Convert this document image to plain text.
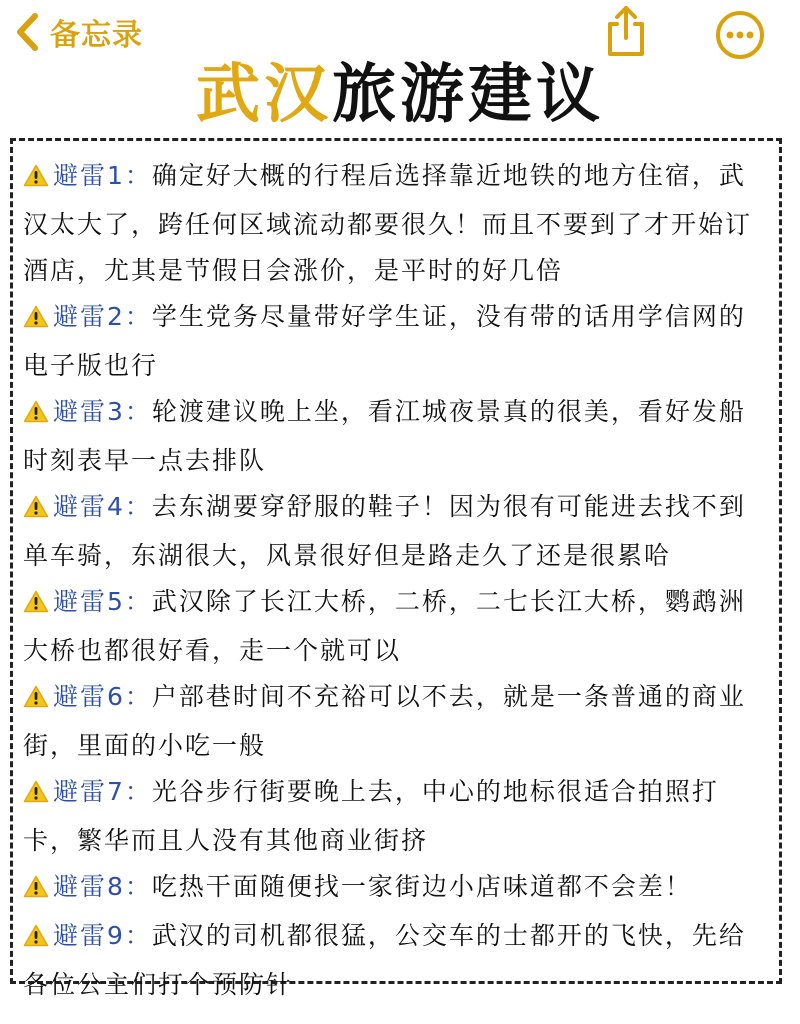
备忘录
武汉旅游建议
避雷1：确定好大概的行程后选择靠近地铁的地方住宿，武汉太大了，跨任何区域流动都要很久！而且不要到了才开始订酒店，尤其是节假日会涨价，是平时的好几倍
避雷2：学生党务尽量带好学生证，没有带的话用学信网的电子版也行
避雷3：轮渡建议晚上坐，看江城夜景真的很美，看好发船时刻表早一点去排队
避雷4：去东湖要穿舒服的鞋子！因为很有可能进去找不到单车骑，东湖很大，风景很好但是路走久了还是很累哈
避雷5：武汉除了长江大桥，二桥，二七长江大桥，鹦鹉洲大桥也都很好看，走一个就可以
避雷6：户部巷时间不充裕可以不去，就是一条普通的商业街，里面的小吃一般
避雷7：光谷步行街要晚上去，中心的地标很适合拍照打卡，繁华而且人没有其他商业街挤
避雷8：吃热干面随便找一家街边小店味道都不会差！
避雷9：武汉的司机都很猛，公交车的士都开的飞快，先给各位公主们打个预防针
